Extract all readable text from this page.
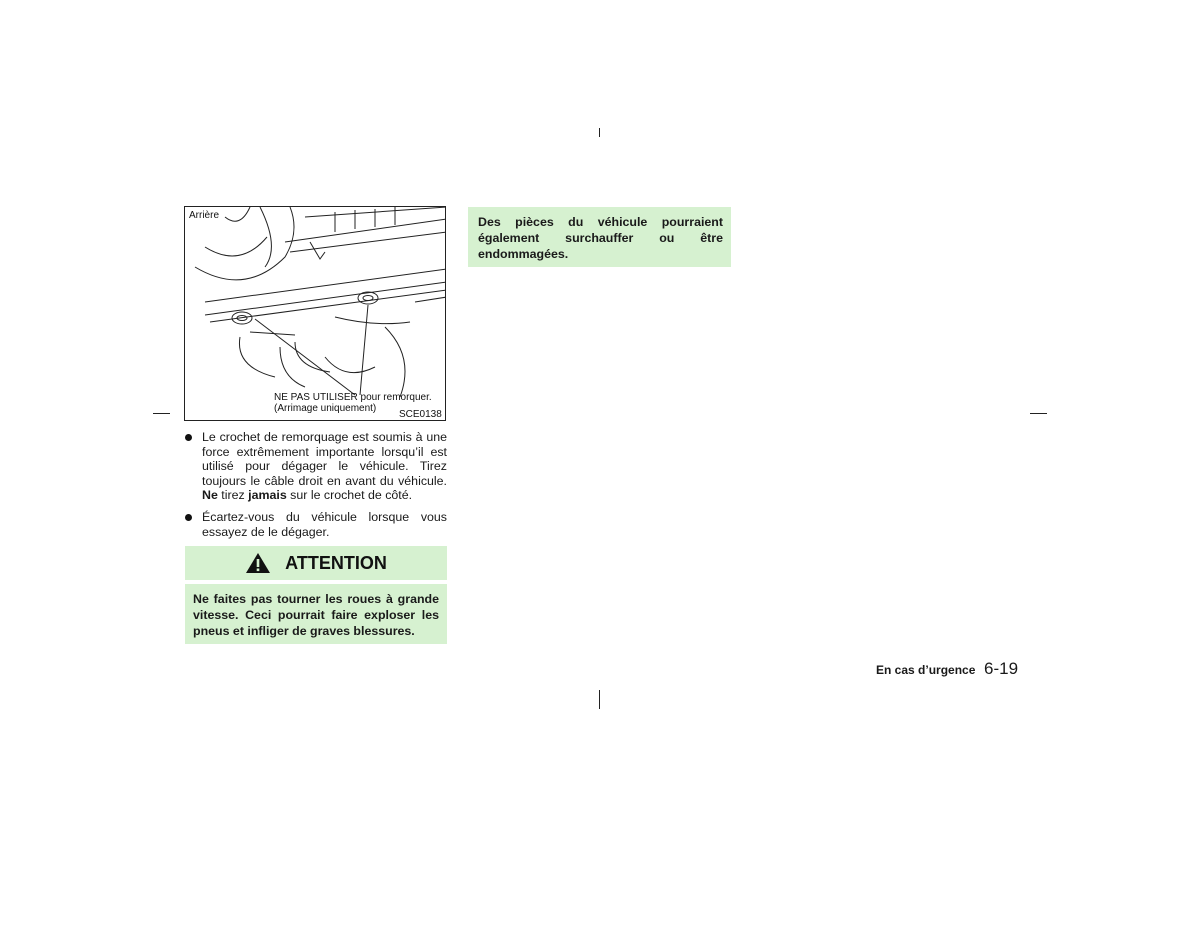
Arrière
NE PAS UTILISER pour remorquer.
(Arrimage uniquement)
SCE0138
Le crochet de remorquage est soumis à une force extrêmement importante lorsqu’il est utilisé pour dégager le véhicule. Tirez toujours le câble droit en avant du véhicule. Ne tirez jamais sur le crochet de côté.
Écartez-vous du véhicule lorsque vous essayez de le dégager.
ATTENTION
Ne faites pas tourner les roues à grande vitesse. Ceci pourrait faire exploser les pneus et infliger de graves blessures.
Des pièces du véhicule pourraient également surchauffer ou être endommagées.
En cas d’urgence 6-19
